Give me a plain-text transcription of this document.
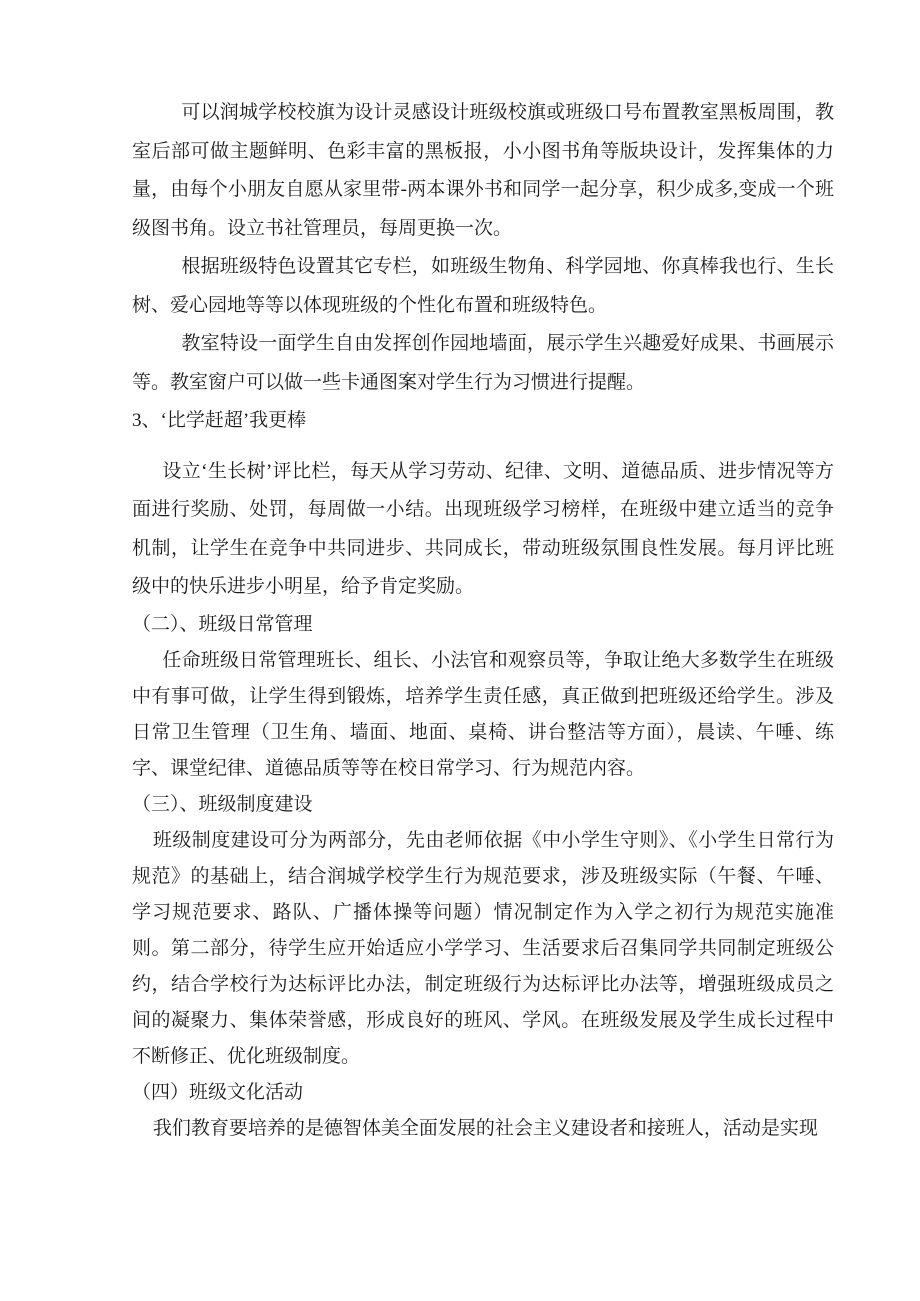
可以润城学校校旗为设计灵感设计班级校旗或班级口号布置教室黑板周围，教室后部可做主题鲜明、色彩丰富的黑板报，小小图书角等版块设计，发挥集体的力量，由每个小朋友自愿从家里带-两本课外书和同学一起分享，积少成多,变成一个班级图书角。设立书社管理员，每周更换一次。

根据班级特色设置其它专栏，如班级生物角、科学园地、你真棒我也行、生长树、爱心园地等等以体现班级的个性化布置和班级特色。

教室特设一面学生自由发挥创作园地墙面，展示学生兴趣爱好成果、书画展示等。教室窗户可以做一些卡通图案对学生行为习惯进行提醒。

3、‘比学赶超’我更棒

设立‘生长树’评比栏，每天从学习劳动、纪律、文明、道德品质、进步情况等方面进行奖励、处罚，每周做一小结。出现班级学习榜样，在班级中建立适当的竞争机制，让学生在竞争中共同进步、共同成长，带动班级氛围良性发展。每月评比班级中的快乐进步小明星，给予肯定奖励。

（二）、班级日常管理

任命班级日常管理班长、组长、小法官和观察员等，争取让绝大多数学生在班级中有事可做，让学生得到锻炼，培养学生责任感，真正做到把班级还给学生。涉及日常卫生管理（卫生角、墙面、地面、桌椅、讲台整洁等方面），晨读、午唾、练字、课堂纪律、道德品质等等在校日常学习、行为规范内容。

（三）、班级制度建设

班级制度建设可分为两部分，先由老师依据《中小学生守则》、《小学生日常行为规范》的基础上，结合润城学校学生行为规范要求，涉及班级实际（午餐、午唾、学习规范要求、路队、广播体操等问题）情况制定作为入学之初行为规范实施准则。第二部分，待学生应开始适应小学学习、生活要求后召集同学共同制定班级公约，结合学校行为达标评比办法，制定班级行为达标评比办法等，增强班级成员之间的凝聚力、集体荣誉感，形成良好的班风、学风。在班级发展及学生成长过程中不断修正、优化班级制度。

（四）班级文化活动

我们教育要培养的是德智体美全面发展的社会主义建设者和接班人，活动是实现
